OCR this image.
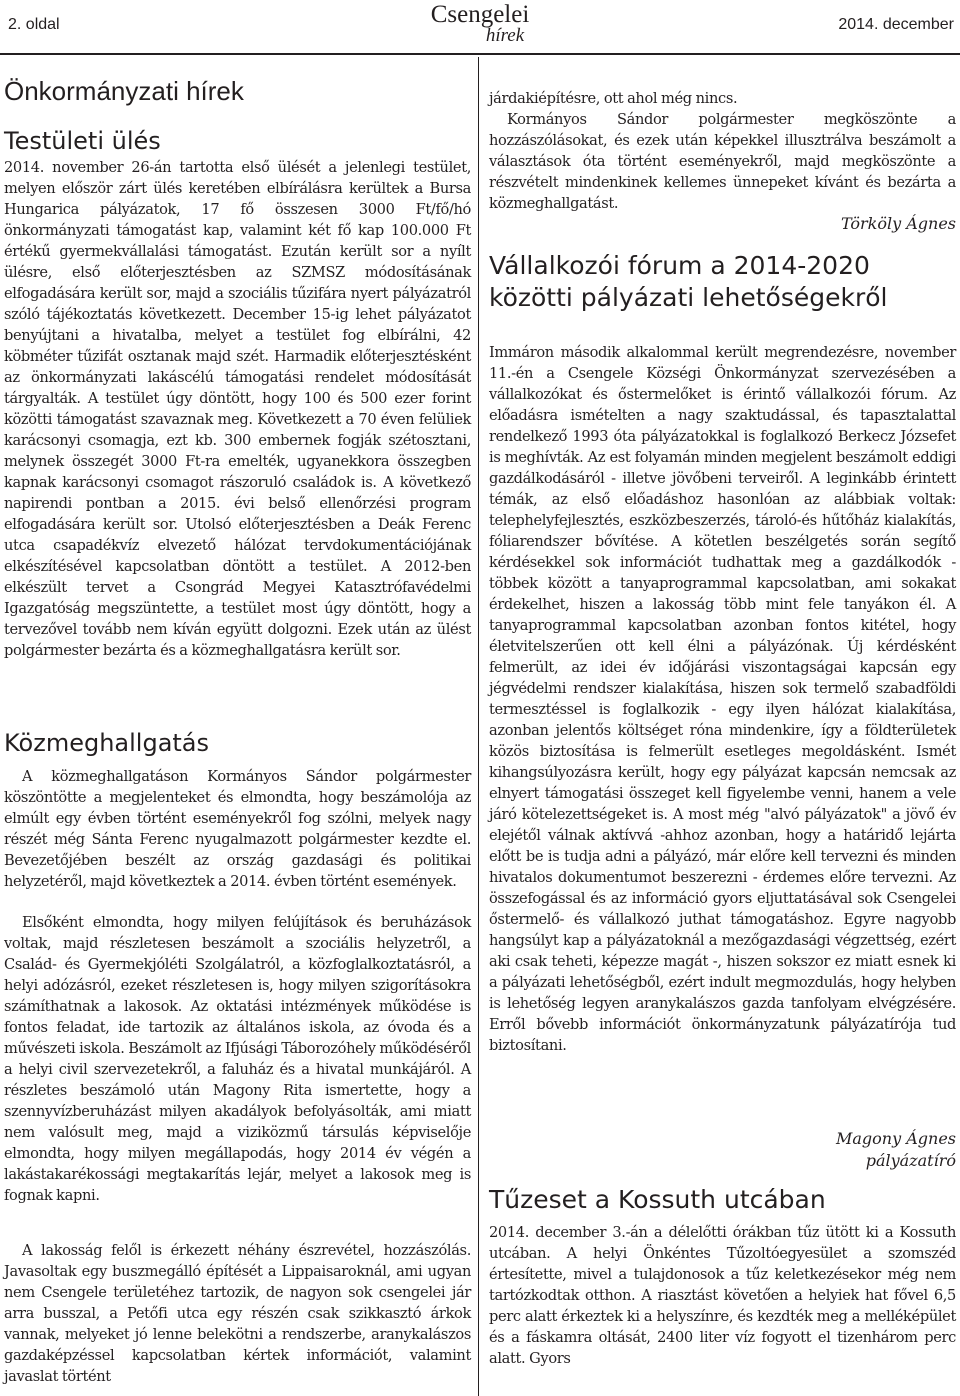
2. oldal	Csengelei
hírek
2014. december
Önkormányzati hírek
Testületi ülés

2014. november 26-án tartotta első ülését a jelenlegi testület, melyen először zárt ülés keretében elbírálásra kerültek a Bursa Hungarica pályázatok, 17 fő összesen 3000 Ft/fő/hó önkormányzati támogatást kap, valamint két fő kap 100.000 Ft értékű gyermekvállalási támogatást. Ezután került sor a nyílt ülésre, első előterjesztésben az SZMSZ módosításának elfogadására került sor, majd a szociális tűzifára nyert pályázatról szóló tájékoztatás következett. December 15-ig lehet pályázatot benyújtani a hivatalba, melyet a testület fog elbírálni, 42 köbméter tűzifát osztanak majd szét. Harmadik előterjesztésként az önkormányzati lakáscélú támogatási rendelet módosítását tárgyalták. A testület úgy döntött, hogy 100 és 500 ezer forint közötti támogatást szavaznak meg. Következett a 70 éven felüliek karácsonyi csomagja, ezt kb. 300 embernek fogják szétosztani, melynek összegét 3000 Ft-ra emelték, ugyanekkora összegben kapnak karácsonyi csomagot rászoruló családok is. A következő napirendi pontban a 2015. évi belső ellenőrzési program elfogadására került sor. Utolsó előterjesztésben a Deák Ferenc utca csapadékvíz elvezető hálózat tervdokumentációjának elkészítésével kapcsolatban döntött a testület. A 2012-ben elkészült tervet a Csongrád Megyei Katasztrófavédelmi Igazgatóság megszüntette, a testület most úgy döntött, hogy a tervezővel tovább nem kíván együtt dolgozni. Ezek után az ülést polgármester bezárta és a közmeghallgatásra került sor.

Közmeghallgatás

A közmeghallgatáson Kormányos Sándor polgármester köszöntötte a megjelenteket és elmondta, hogy beszámolója az elmúlt egy évben történt eseményekről fog szólni, melyek nagy részét még Sánta Ferenc nyugalmazott polgármester kezdte el. Bevezetőjében beszélt az ország gazdasági és politikai helyzetéről, majd következtek a 2014. évben történt események.

Elsőként elmondta, hogy milyen felújítások és beruházások voltak, majd részletesen beszámolt a szociális helyzetről, a Család- és Gyermekjóléti Szolgálatról, a közfoglalkoztatásról, a helyi adózásról, ezeket részletesen is, hogy milyen szigorításokra számíthatnak a lakosok. Az oktatási intézmények működése is fontos feladat, ide tartozik az általános iskola, az óvoda és a művészeti iskola. Beszámolt az Ifjúsági Táborozóhely működéséről a helyi civil szervezetekről, a faluház és a hivatal munkájáról. A részletes beszámoló után Magony Rita ismertette, hogy a szennyvízberuházást milyen akadályok befolyásolták, ami miatt nem valósult meg, majd a viziközmű társulás képviselője elmondta, hogy milyen megállapodás, hogy 2014 év végén a lakástakarékossági megtakarítás lejár, melyet a lakosok meg is fognak kapni.

A lakosság felől is érkezett néhány észrevétel, hozzászólás. Javasoltak egy buszmegálló építését a Lippaisaroknál, ami ugyan nem Csengele területéhez tartozik, de nagyon sok csengelei jár arra busszal, a Petőfi utca egy részén csak szikkasztó árkok vannak, melyeket jó lenne belekötni a rendszerbe, aranykalászos gazdaképzéssel kapcsolatban kértek információt, valamint javaslat történt

járdakiépítésre, ott ahol még nincs.

Kormányos Sándor polgármester megköszönte a hozzászólásokat, és ezek után képekkel illusztrálva beszámolt a választások óta történt eseményekről, majd megköszönte a részvételt mindenkinek kellemes ünnepeket kívánt és bezárta a közmeghallgatást.

Törköly Ágnes

Vállalkozói fórum a 2014-2020 közötti pályázati lehetőségekről

Immáron második alkalommal került megrendezésre, november 11.-én a Csengele Községi Önkormányzat szervezésében a vállalkozókat és őstermelőket is érintő vállalkozói fórum. Az előadásra ismételten a nagy szaktudással, és tapasztalattal rendelkező 1993 óta pályázatokkal is foglalkozó Berkecz Józsefet is meghívták. Az est folyamán minden megjelent beszámolt eddigi gazdálkodásáról - illetve jövőbeni terveiről. A leginkább érintett témák, az első előadáshoz hasonlóan az alábbiak voltak: telephelyfejlesztés, eszközbeszerzés, tároló-és hűtőház kialakítás, fóliarendszer bővítése. A kötetlen beszélgetés során segítő kérdésekkel sok információt tudhattak meg a gazdálkodók - többek között a tanyaprogrammal kapcsolatban, ami sokakat érdekelhet, hiszen a lakosság több mint fele tanyákon él. A tanyaprogrammal kapcsolatban azonban fontos kitétel, hogy életvitelszerűen ott kell élni a pályázónak. Új kérdésként felmerült, az idei év időjárási viszontagságai kapcsán egy jégvédelmi rendszer kialakítása, hiszen sok termelő szabadföldi termesztéssel is foglalkozik - egy ilyen hálózat kialakítása, azonban jelentős költséget róna mindenkire, így a földterületek közös biztosítása is felmerült esetleges megoldásként. Ismét kihangsúlyozásra került, hogy egy pályázat kapcsán nemcsak az elnyert támogatási összeget kell figyelembe venni, hanem a vele járó kötelezettségeket is. A most még "alvó pályázatok" a jövő év elejétől válnak aktívvá -ahhoz azonban, hogy a határidő lejárta előtt be is tudja adni a pályázó, már előre kell tervezni és minden hivatalos dokumentumot beszerezni - érdemes előre tervezni. Az összefogással és az információ gyors eljuttatásával sok Csengelei őstermelő- és vállalkozó juthat támogatáshoz. Egyre nagyobb hangsúlyt kap a pályázatoknál a mezőgazdasági végzettség, ezért aki csak teheti, képezze magát -, hiszen sokszor ez miatt esnek ki a pályázati lehetőségből, ezért indult megmozdulás, hogy helyben is lehetőség legyen aranykalászos gazda tanfolyam elvégzésére. Erről bővebb információt önkormányzatunk pályázatírója tud biztosítani.

Magony Ágnes

pályázatíró

Tűzeset a Kossuth utcában

2014. december 3.-án a délelőtti órákban tűz ütött ki a Kossuth utcában. A helyi Önkéntes Tűzoltóegyesület a szomszéd értesítette, mivel a tulajdonosok a tűz keletkezésekor még nem tartózkodtak otthon. A riasztást követően a helyiek hat fővel 6,5 perc alatt érkeztek ki a helyszínre, és kezdték meg a melléképület és a fáskamra oltását, 2400 liter víz fogyott el tizenhárom perc alatt. Gyors
